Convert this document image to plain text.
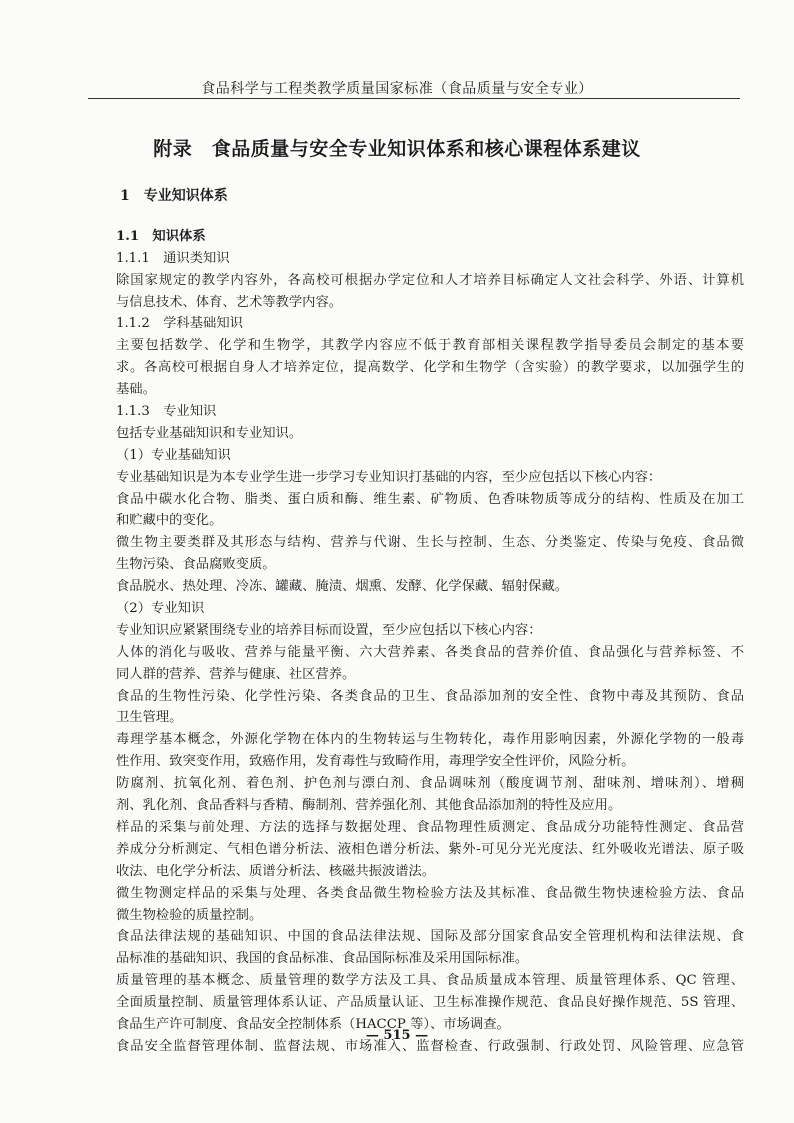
食品科学与工程类教学质量国家标准（食品质量与安全专业）
附录　食品质量与安全专业知识体系和核心课程体系建议
1　专业知识体系
1.1　知识体系
1.1.1　通识类知识
除国家规定的教学内容外，各高校可根据办学定位和人才培养目标确定人文社会科学、外语、计算机
与信息技术、体育、艺术等教学内容。
1.1.2　学科基础知识
主要包括数学、化学和生物学，其教学内容应不低于教育部相关课程教学指导委员会制定的基本要
求。各高校可根据自身人才培养定位，提高数学、化学和生物学（含实验）的教学要求，以加强学生的
基础。
1.1.3　专业知识
包括专业基础知识和专业知识。
（1）专业基础知识
专业基础知识是为本专业学生进一步学习专业知识打基础的内容，至少应包括以下核心内容：
食品中碳水化合物、脂类、蛋白质和酶、维生素、矿物质、色香味物质等成分的结构、性质及在加工
和贮藏中的变化。
微生物主要类群及其形态与结构、营养与代谢、生长与控制、生态、分类鉴定、传染与免疫、食品微
生物污染、食品腐败变质。
食品脱水、热处理、冷冻、罐藏、腌渍、烟熏、发酵、化学保藏、辐射保藏。
（2）专业知识
专业知识应紧紧围绕专业的培养目标而设置，至少应包括以下核心内容：
人体的消化与吸收、营养与能量平衡、六大营养素、各类食品的营养价值、食品强化与营养标签、不
同人群的营养、营养与健康、社区营养。
食品的生物性污染、化学性污染、各类食品的卫生、食品添加剂的安全性、食物中毒及其预防、食品
卫生管理。
毒理学基本概念，外源化学物在体内的生物转运与生物转化，毒作用影响因素，外源化学物的一般毒
性作用、致突变作用，致癌作用，发育毒性与致畸作用，毒理学安全性评价，风险分析。
防腐剂、抗氧化剂、着色剂、护色剂与漂白剂、食品调味剂（酸度调节剂、甜味剂、增味剂）、增稠
剂、乳化剂、食品香料与香精、酶制剂、营养强化剂、其他食品添加剂的特性及应用。
样品的采集与前处理、方法的选择与数据处理、食品物理性质测定、食品成分功能特性测定、食品营
养成分分析测定、气相色谱分析法、液相色谱分析法、紫外-可见分光光度法、红外吸收光谱法、原子吸
收法、电化学分析法、质谱分析法、核磁共振波谱法。
微生物测定样品的采集与处理、各类食品微生物检验方法及其标准、食品微生物快速检验方法、食品
微生物检验的质量控制。
食品法律法规的基础知识、中国的食品法律法规、国际及部分国家食品安全管理机构和法律法规、食
品标准的基础知识、我国的食品标准、食品国际标准及采用国际标准。
质量管理的基本概念、质量管理的数学方法及工具、食品质量成本管理、质量管理体系、QC 管理、
全面质量控制、质量管理体系认证、产品质量认证、卫生标准操作规范、食品良好操作规范、5S 管理、
食品生产许可制度、食品安全控制体系（HACCP 等）、市场调查。
食品安全监督管理体制、监督法规、市场准入、监督检查、行政强制、行政处罚、风险管理、应急管
— 515 —
